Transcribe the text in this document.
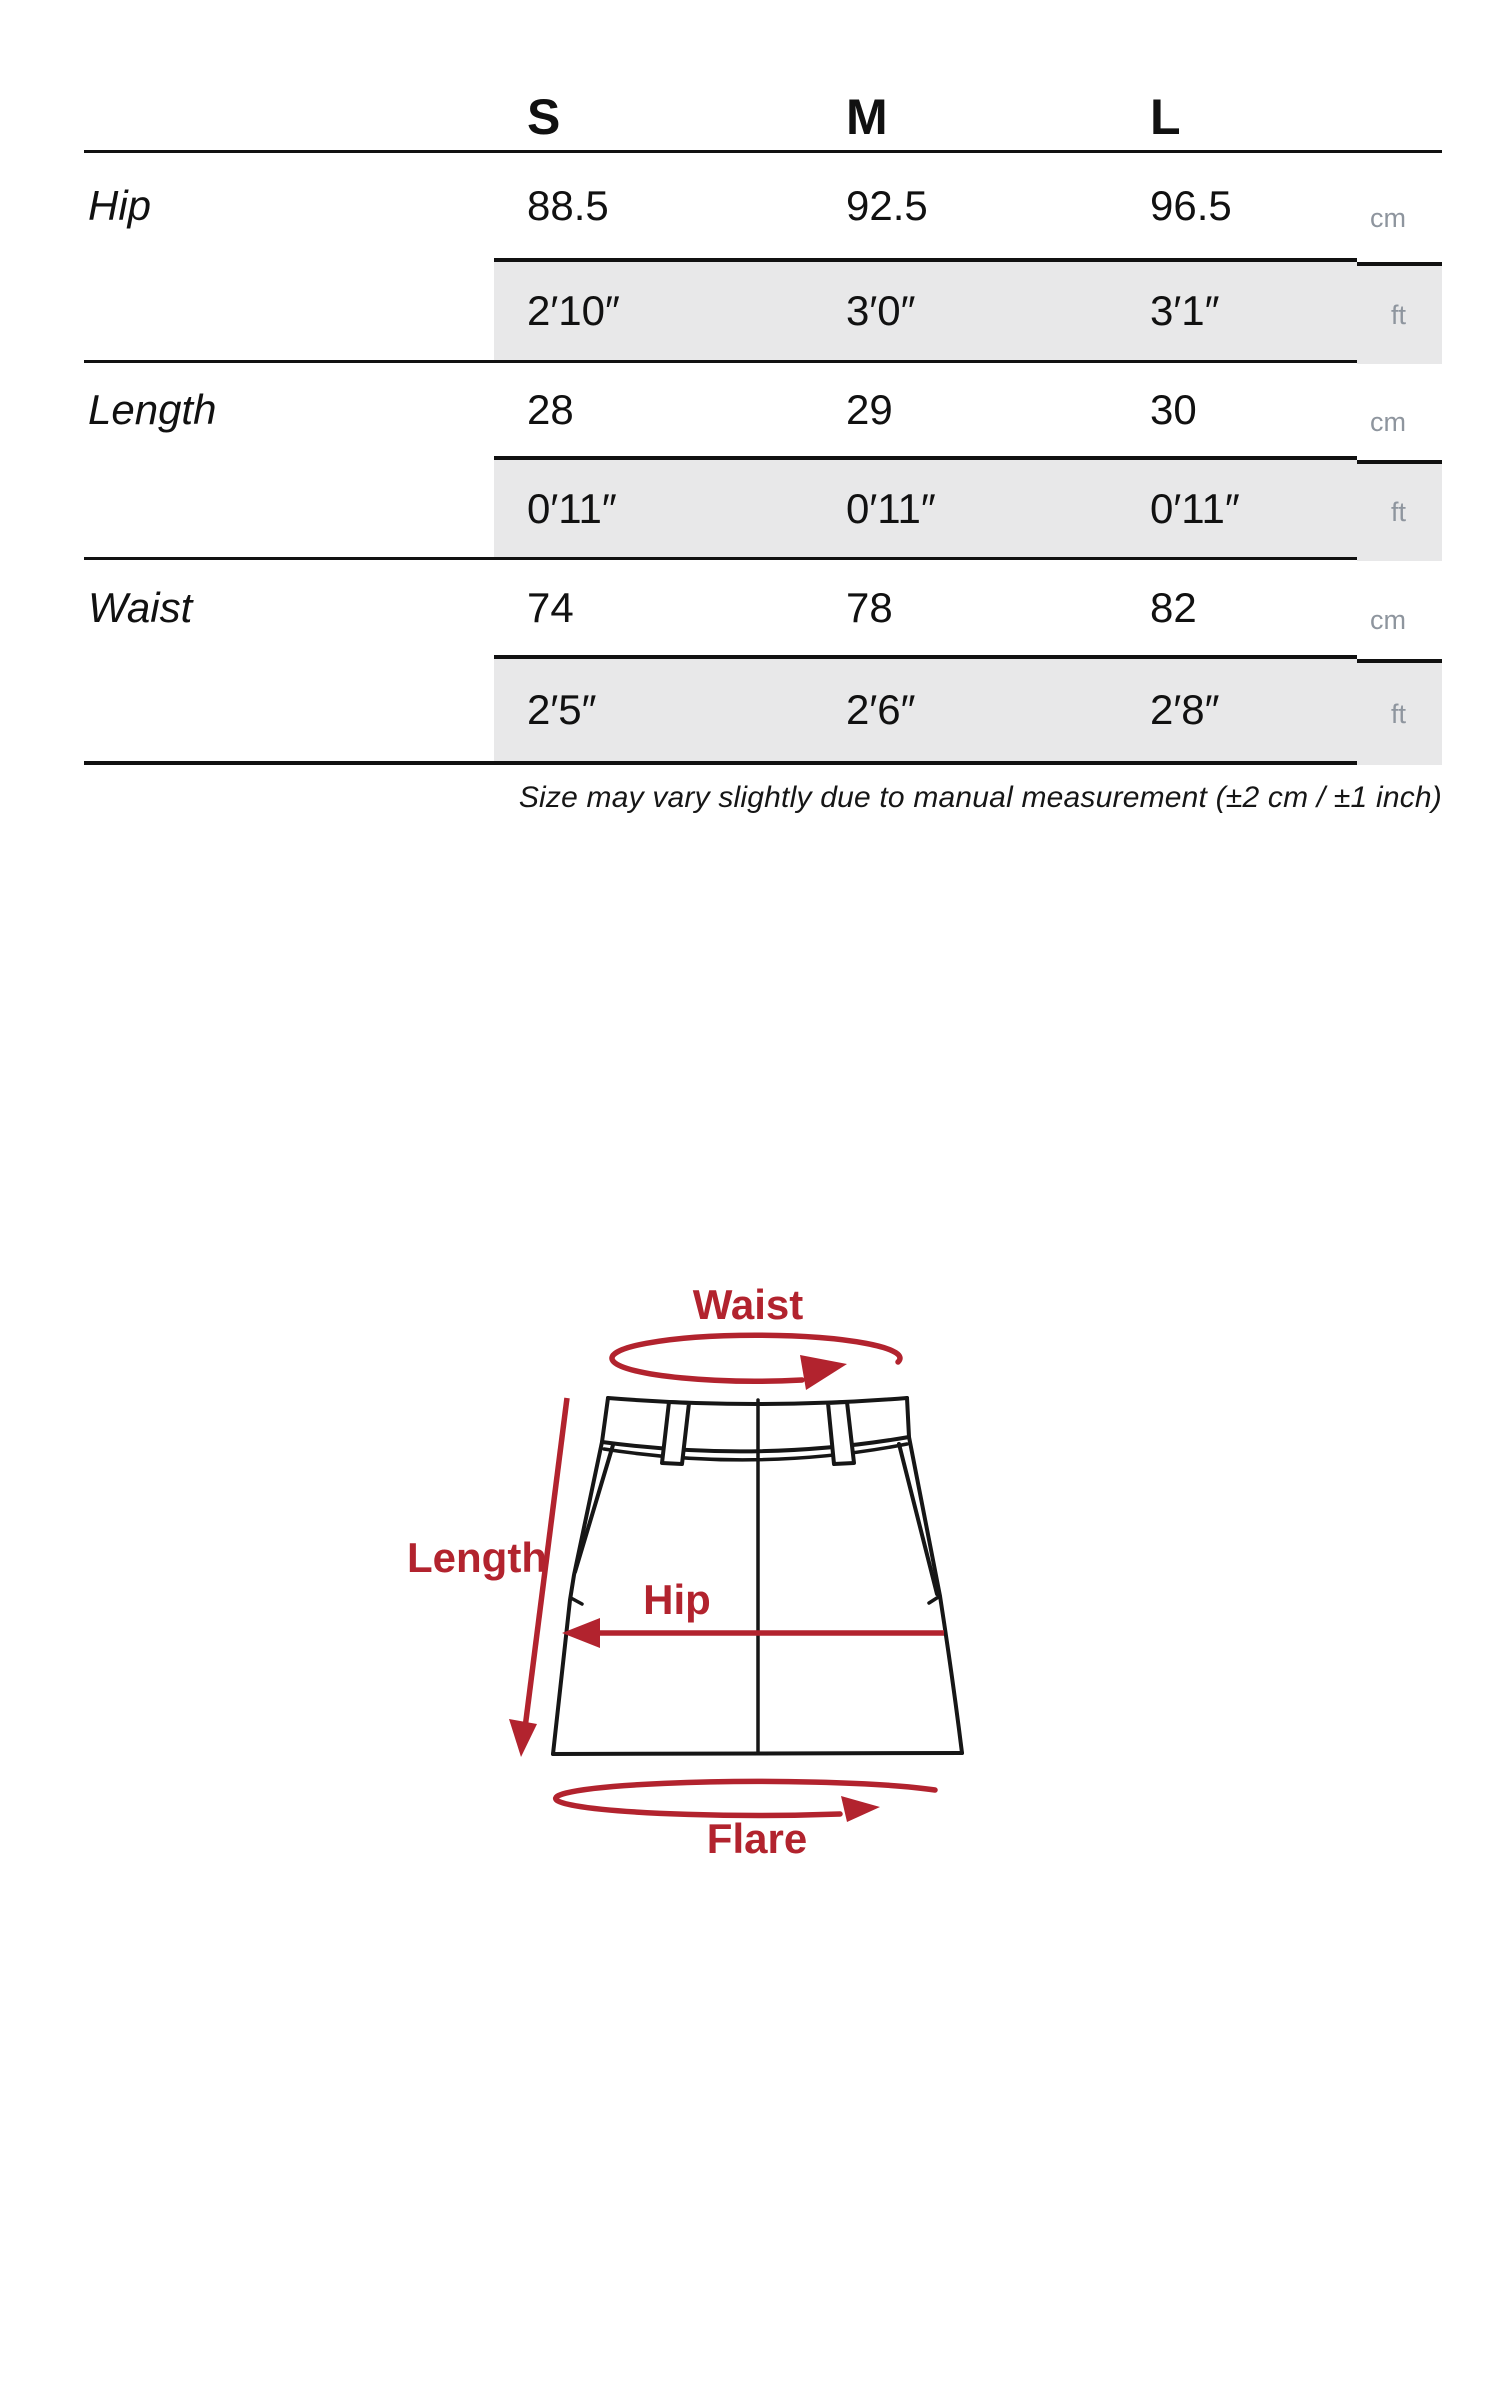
S	M	L
Hip	88.5	92.5	96.5	cm
2′10″	3′0″	3′1″	ft
Length	28	29	30	cm
0′11″	0′11″	0′11″	ft
Waist	74	78	82	cm
2′5″	2′6″	2′8″	ft
Size may vary slightly due to manual measurement (±2 cm / ±1 inch)
Waist
Length
Hip
Flare
